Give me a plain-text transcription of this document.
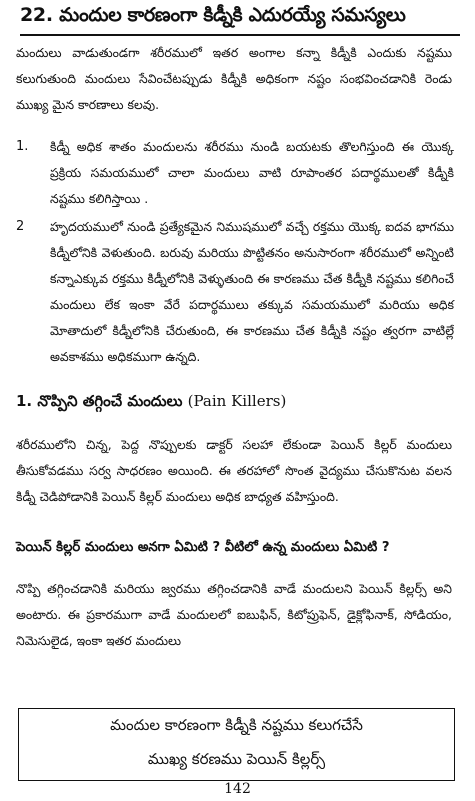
22. మందుల కారణంగా కిడ్నీకి ఎదురయ్యే సమస్యలు

మందులు వాడుతుండగా శరీరములో ఇతర అంగాల కన్నా కిడ్నీకి ఎందుకు నష్టము కలుగుతుంది మందులు సేవించేటప్పుడు కిడ్నీకి అధికంగా నష్టం సంభవించడానికి రెండు ముఖ్య మైన కారణాలు కలవు.

1. కిడ్నీ అధిక శాతం మందులను శరీరము నుండి బయటకు తొలగిస్తుంది ఈ యొక్క ప్రక్రియ సమయములో చాలా మందులు వాటి రూపాంతర పదార్థములతో కిడ్నీకి నష్టము కలిగిస్తాయి .

2 హృదయములో నుండి ప్రత్యేకమైన నిముషములో వచ్చే రక్తము యొక్క ఐదవ భాగము కిడ్నీలోనికి వెళుతుంది. బరువు మరియు పొట్టితనం అనుసారంగా శరీరములో అన్నింటి కన్నాఎక్కువ రక్తము కిడ్నీలోనికి వెళ్ళుతుంది ఈ కారణము చేత కిడ్నీకి నష్టము కలిగించే మందులు లేక ఇంకా వేరే పదార్థములు తక్కువ సమయములో మరియు అధిక మోతాదులో కిడ్నీలోనికి చేరుతుంది, ఈ కారణము చేత కిడ్నీకి నష్టం త్వరగా వాటిల్లే అవకాశము అధికముగా ఉన్నది.

1. నొప్పిని తగ్గించే మందులు (Pain Killers)

శరీరములోని చిన్న, పెద్ద నొప్పులకు డాక్టర్ సలహా లేకుండా పెయిన్ కిల్లర్ మందులు తీసుకోవడము సర్వ సాధరణం అయింది. ఈ తరహాలో సొంత వైద్యము చేసుకొనుట వలన కిడ్నీ చెడిపోడానికి పెయిన్ కిల్లర్ మందులు అధిక బాధ్యత వహిస్తుంది.

పెయిన్ కిల్లర్ మందులు అనగా ఏమిటి ? వీటిలో ఉన్న మందులు ఏమిటి ?

నొప్పి తగ్గించడానికి మరియు జ్వరము తగ్గించడానికి వాడే మందులని పెయిన్ కిల్లర్స్ అని అంటారు. ఈ ప్రకారముగా వాడే మందులలో ఐబుఫిన్, కిటోప్రుఫెన్, డైక్లోఫినాక్, సోడియం, నిమెసులైడ, ఇంకా ఇతర మందులు

మందుల కారణంగా కిడ్నీకి నష్టము కలుగచేసే
ముఖ్య కరణము పెయిన్ కిల్లర్స్
142
